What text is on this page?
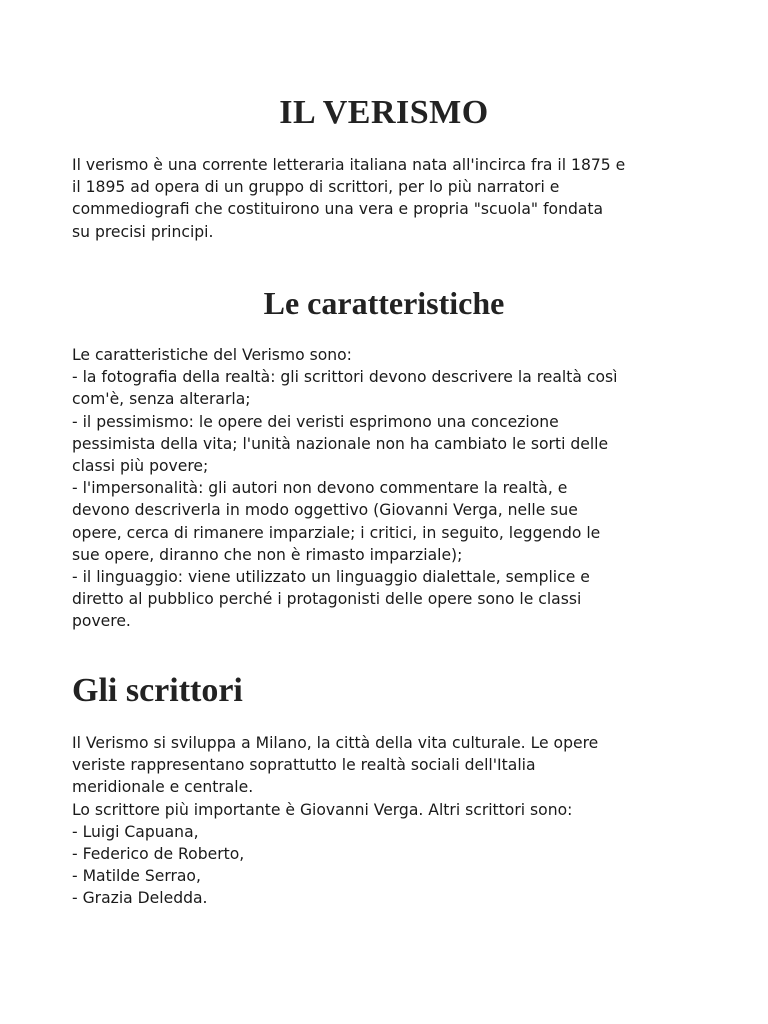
IL VERISMO

Il verismo è una corrente letteraria italiana nata all'incirca fra il 1875 e
il 1895 ad opera di un gruppo di scrittori, per lo più narratori e
commediografi che costituirono una vera e propria "scuola" fondata
su precisi principi.

Le caratteristiche

Le caratteristiche del Verismo sono:
- la fotografia della realtà: gli scrittori devono descrivere la realtà così
com'è, senza alterarla;
- il pessimismo: le opere dei veristi esprimono una concezione
pessimista della vita; l'unità nazionale non ha cambiato le sorti delle
classi più povere;
- l'impersonalità: gli autori non devono commentare la realtà, e
devono descriverla in modo oggettivo (Giovanni Verga, nelle sue
opere, cerca di rimanere imparziale; i critici, in seguito, leggendo le
sue opere, diranno che non è rimasto imparziale);
- il linguaggio: viene utilizzato un linguaggio dialettale, semplice e
diretto al pubblico perché i protagonisti delle opere sono le classi
povere.

Gli scrittori

Il Verismo si sviluppa a Milano, la città della vita culturale. Le opere
veriste rappresentano soprattutto le realtà sociali dell'Italia
meridionale e centrale.
Lo scrittore più importante è Giovanni Verga. Altri scrittori sono:
- Luigi Capuana,
- Federico de Roberto,
- Matilde Serrao,
- Grazia Deledda.
